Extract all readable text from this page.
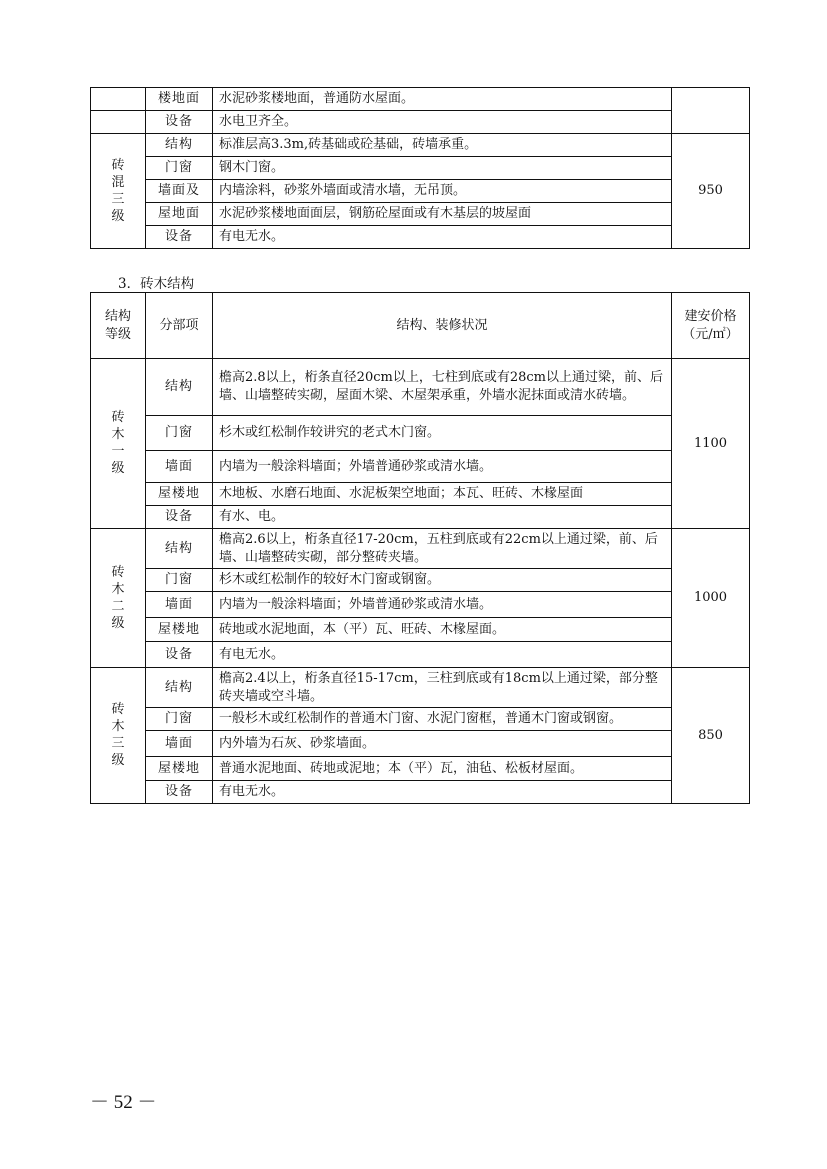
	楼地面	水泥砂浆楼地面，普通防水屋面。	
	设备	水电卫齐全。	
砖混三级	结构	标准层高3.3m,砖基础或砼基础，砖墙承重。	950
	门窗	钢木门窗。	
	墙面及	内墙涂料，砂浆外墙面或清水墙，无吊顶。	
	屋地面	水泥砂浆楼地面面层，钢筋砼屋面或有木基层的坡屋面	
	设备	有电无水。	
3．砖木结构
结构等级	分部项	结构、装修状况	建安价格（元/㎡）
砖木一级	结构	檐高2.8以上，桁条直径20cm以上，七柱到底或有28cm以上通过梁，前、后墙、山墙整砖实砌，屋面木梁、木屋架承重，外墙水泥抹面或清水砖墙。	1100
	门窗	杉木或红松制作较讲究的老式木门窗。	
	墙面	内墙为一般涂料墙面；外墙普通砂浆或清水墙。	
	屋楼地	木地板、水磨石地面、水泥板架空地面；本瓦、旺砖、木椽屋面	
	设备	有水、电。	
砖木二级	结构	檐高2.6以上，桁条直径17-20cm，五柱到底或有22cm以上通过梁，前、后墙、山墙整砖实砌，部分整砖夹墙。	1000
	门窗	杉木或红松制作的较好木门窗或钢窗。	
	墙面	内墙为一般涂料墙面；外墙普通砂浆或清水墙。	
	屋楼地	砖地或水泥地面，本（平）瓦、旺砖、木椽屋面。	
	设备	有电无水。	
砖木三级	结构	檐高2.4以上，桁条直径15-17cm，三柱到底或有18cm以上通过梁，部分整砖夹墙或空斗墙。	850
	门窗	一般杉木或红松制作的普通木门窗、水泥门窗框，普通木门窗或钢窗。	
	墙面	内外墙为石灰、砂浆墙面。	
	屋楼地	普通水泥地面、砖地或泥地；本（平）瓦，油毡、松板材屋面。	
	设备	有电无水。	
－ 52 －
